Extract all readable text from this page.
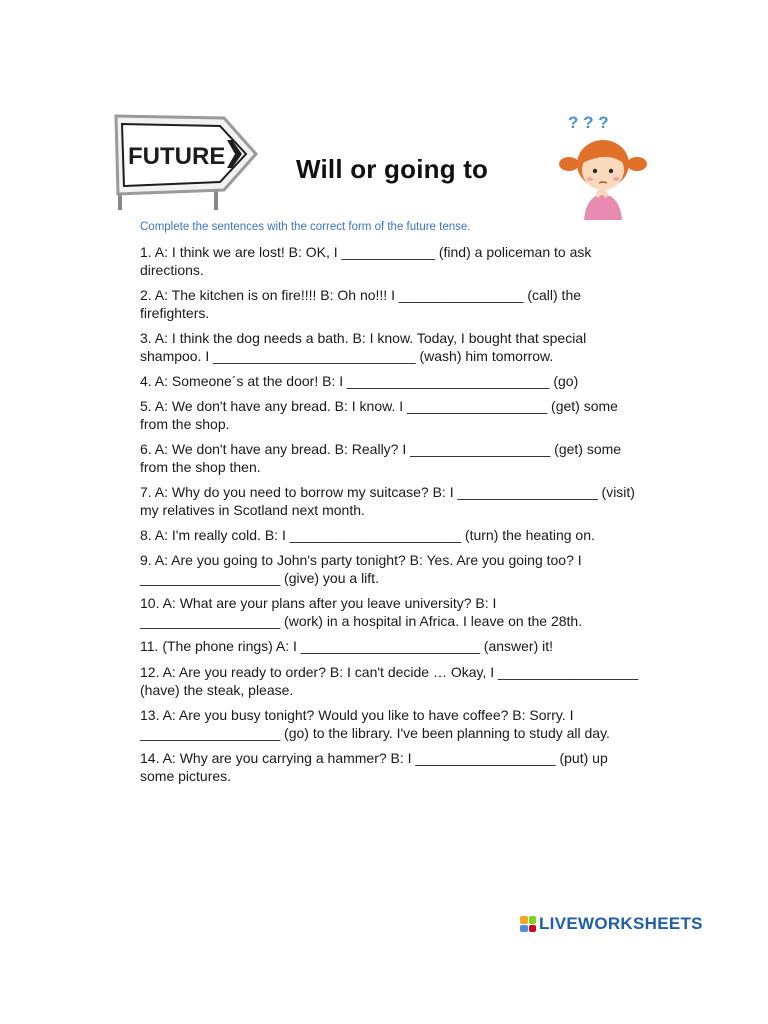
FUTURE	Will or going to
? ? ?

Complete the sentences with the correct form of the future tense.

1. A: I think we are lost! B: OK, I ____________ (find) a policeman to ask directions.
2. A: The kitchen is on fire!!!! B: Oh no!!! I ________________ (call) the firefighters.
3. A: I think the dog needs a bath. B: I know. Today, I bought that special shampoo. I __________________________ (wash) him tomorrow.
4. A: Someone´s at the door! B: I __________________________ (go)
5. A: We don't have any bread. B: I know. I __________________ (get) some from the shop.
6. A: We don't have any bread. B: Really? I __________________ (get) some from the shop then.
7. A: Why do you need to borrow my suitcase? B: I __________________ (visit) my relatives in Scotland next month.
8. A: I'm really cold. B: I ______________________ (turn) the heating on.
9. A: Are you going to John's party tonight? B: Yes. Are you going too? I __________________ (give) you a lift.
10. A: What are your plans after you leave university? B: I __________________ (work) in a hospital in Africa. I leave on the 28th.
11. (The phone rings) A: I _______________________ (answer) it!
12. A: Are you ready to order? B: I can't decide … Okay, I __________________ (have) the steak, please.
13. A: Are you busy tonight? Would you like to have coffee? B: Sorry. I __________________ (go) to the library. I've been planning to study all day.
14. A: Why are you carrying a hammer? B: I __________________ (put) up some pictures.
LIVEWORKSHEETS
